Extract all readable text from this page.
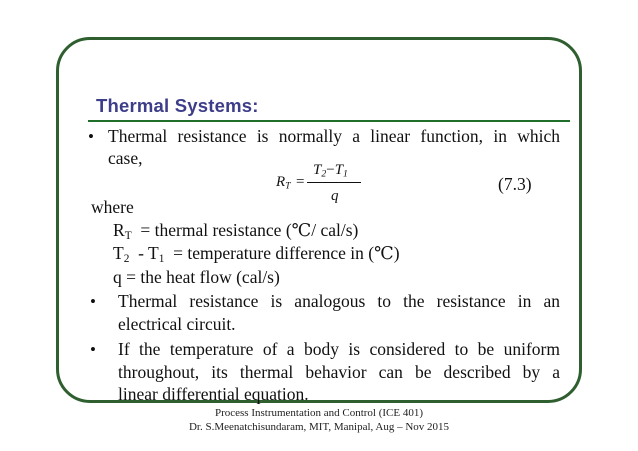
Thermal Systems:
• Thermal resistance is normally a linear function, in which
case,
$R_T$ =
$T_2-T_1$
q
(7.3)
where
$R_T$ = thermal resistance (℃/ cal/s)
$T_2 - T_1$ = temperature difference in (℃)
q = the heat flow (cal/s)
• Thermal resistance is analogous to the resistance in an
electrical circuit.
• If the temperature of a body is considered to be uniform
throughout, its thermal behavior can be described by a
linear differential equation.
Process Instrumentation and Control (ICE 401)
Dr. S.Meenatchisundaram, MIT, Manipal, Aug – Nov 2015
